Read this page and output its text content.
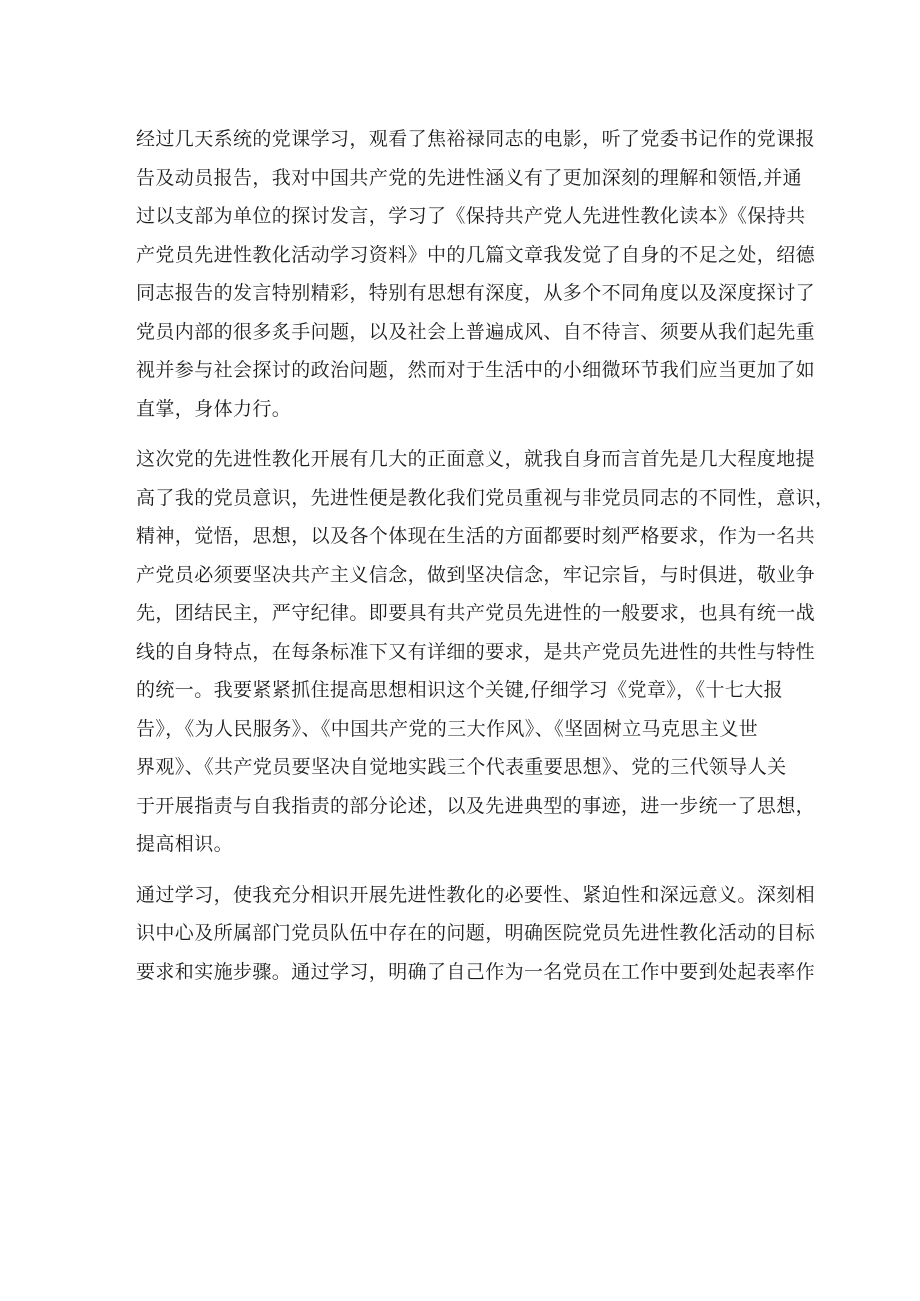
经过几天系统的党课学习，观看了焦裕禄同志的电影，听了党委书记作的党课报
告及动员报告，我对中国共产党的先进性涵义有了更加深刻的理解和领悟,并通
过以支部为单位的探讨发言，学习了《保持共产党人先进性教化读本》《保持共
产党员先进性教化活动学习资料》中的几篇文章我发觉了自身的不足之处，绍德
同志报告的发言特别精彩，特别有思想有深度，从多个不同角度以及深度探讨了
党员内部的很多炙手问题，以及社会上普遍成风、自不待言、须要从我们起先重
视并参与社会探讨的政治问题，然而对于生活中的小细微环节我们应当更加了如
直掌，身体力行。
这次党的先进性教化开展有几大的正面意义，就我自身而言首先是几大程度地提
高了我的党员意识，先进性便是教化我们党员重视与非党员同志的不同性，意识，
精神，觉悟，思想，以及各个体现在生活的方面都要时刻严格要求，作为一名共
产党员必须要坚决共产主义信念，做到坚决信念，牢记宗旨，与时俱进，敬业争
先，团结民主，严守纪律。即要具有共产党员先进性的一般要求，也具有统一战
线的自身特点，在每条标准下又有详细的要求，是共产党员先进性的共性与特性
的统一。我要紧紧抓住提高思想相识这个关键,仔细学习《党章》，《十七大报
告》，《为人民服务》、《中国共产党的三大作风》、《坚固树立马克思主义世
界观》、《共产党员要坚决自觉地实践三个代表重要思想》、党的三代领导人关
于开展指责与自我指责的部分论述，以及先进典型的事迹，进一步统一了思想，
提高相识。
通过学习，使我充分相识开展先进性教化的必要性、紧迫性和深远意义。深刻相
识中心及所属部门党员队伍中存在的问题，明确医院党员先进性教化活动的目标
要求和实施步骤。通过学习，明确了自己作为一名党员在工作中要到处起表率作
